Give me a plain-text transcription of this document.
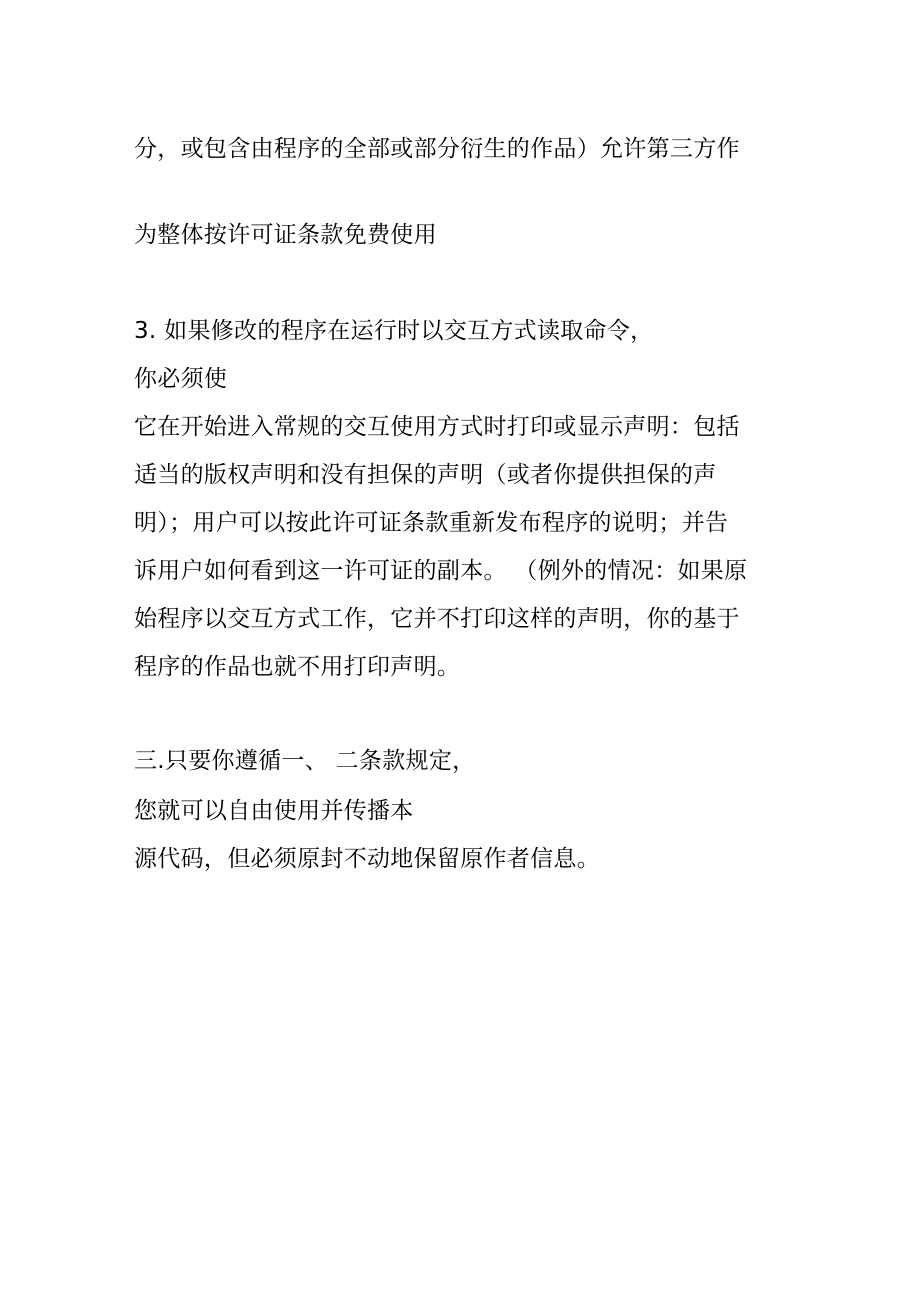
分，或包含由程序的全部或部分衍生的作品）允许第三方作
为整体按许可证条款免费使用
3. 如果修改的程序在运行时以交互方式读取命令，
你必须使
它在开始进入常规的交互使用方式时打印或显示声明：包括
适当的版权声明和没有担保的声明（或者你提供担保的声
明）；用户可以按此许可证条款重新发布程序的说明；并告
诉用户如何看到这一许可证的副本。 （例外的情况：如果原
始程序以交互方式工作，它并不打印这样的声明，你的基于
程序的作品也就不用打印声明。
三.只要你遵循一、 二条款规定，
您就可以自由使用并传播本
源代码，但必须原封不动地保留原作者信息。
